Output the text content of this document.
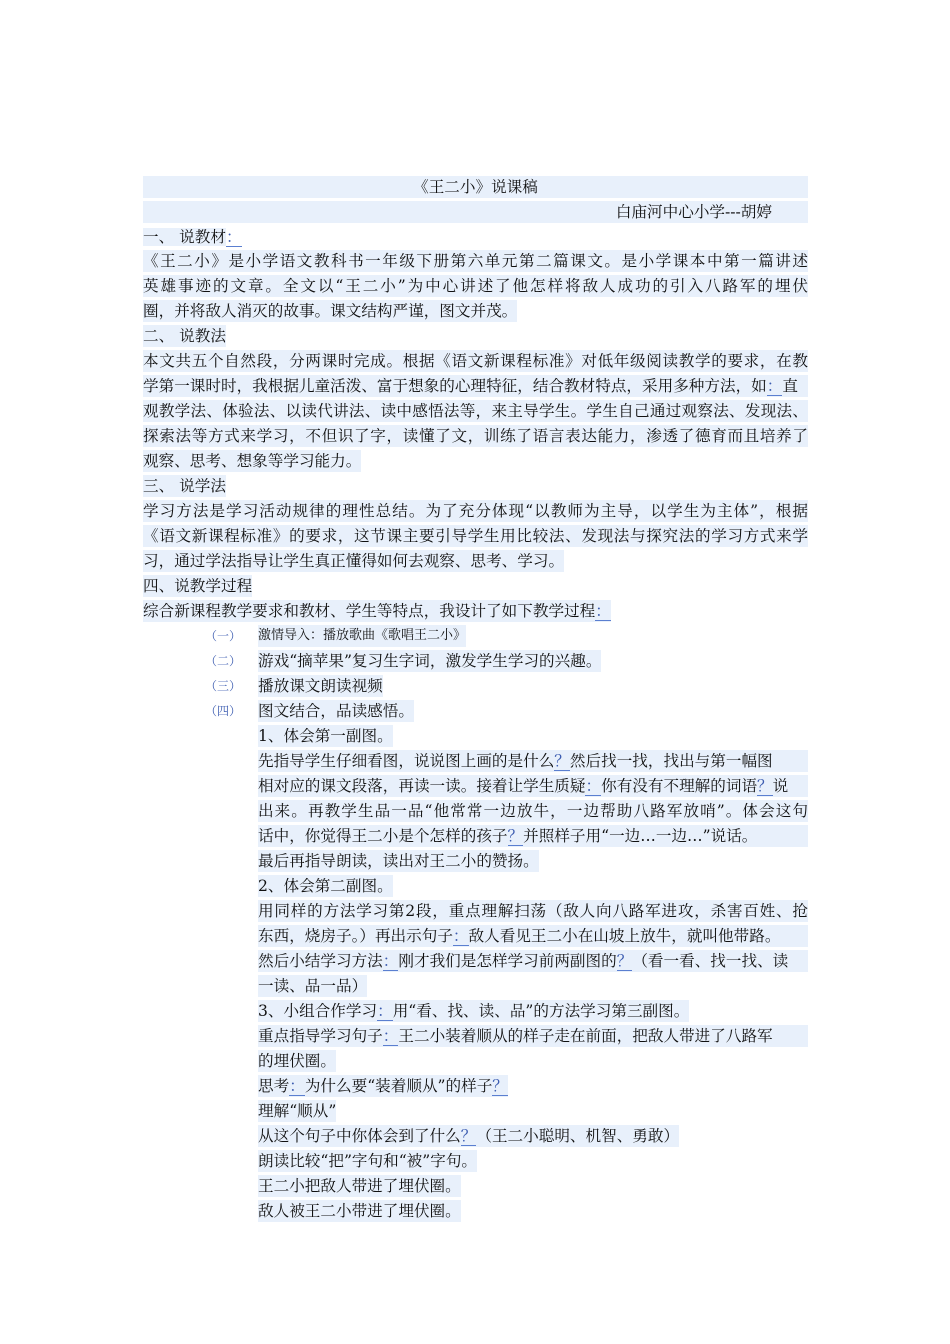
《王二小》说课稿
白庙河中心小学---胡婷
一、 说教材：
《王二小》是小学语文教科书一年级下册第六单元第二篇课文。是小学课本中第一篇讲述
英雄事迹的文章。全文以“王二小”为中心讲述了他怎样将敌人成功的引入八路军的埋伏
圈，并将敌人消灭的故事。课文结构严谨，图文并茂。
二、 说教法
本文共五个自然段，分两课时完成。根据《语文新课程标准》对低年级阅读教学的要求，在教
学第一课时时，我根据儿童活泼、富于想象的心理特征，结合教材特点，采用多种方法，如：直
观教学法、体验法、以读代讲法、读中感悟法等，来主导学生。学生自己通过观察法、发现法、
探索法等方式来学习，不但识了字，读懂了文，训练了语言表达能力，渗透了德育而且培养了
观察、思考、想象等学习能力。
三、 说学法
学习方法是学习活动规律的理性总结。为了充分体现“以教师为主导，以学生为主体”，根据
《语文新课程标准》的要求，这节课主要引导学生用比较法、发现法与探究法的学习方式来学
习，通过学法指导让学生真正懂得如何去观察、思考、学习。
四、说教学过程
综合新课程教学要求和教材、学生等特点，我设计了如下教学过程：
（一） 激情导入：播放歌曲《歌唱王二小》
（二） 游戏“摘苹果”复习生字词，激发学生学习的兴趣。
（三） 播放课文朗读视频
（四） 图文结合，品读感悟。
1、体会第一副图。
先指导学生仔细看图，说说图上画的是什么？然后找一找，找出与第一幅图
相对应的课文段落，再读一读。接着让学生质疑：你有没有不理解的词语？说
出来。再教学生品一品“他常常一边放牛，一边帮助八路军放哨”。体会这句
话中，你觉得王二小是个怎样的孩子？并照样子用“一边…一边…”说话。
最后再指导朗读，读出对王二小的赞扬。
2、体会第二副图。
用同样的方法学习第2段，重点理解扫荡（敌人向八路军进攻，杀害百姓、抢
东西，烧房子。）再出示句子：敌人看见王二小在山坡上放牛，就叫他带路。
然后小结学习方法：刚才我们是怎样学习前两副图的？（看一看、找一找、读
一读、品一品）
3、小组合作学习：用“看、找、读、品”的方法学习第三副图。
重点指导学习句子：王二小装着顺从的样子走在前面，把敌人带进了八路军
的埋伏圈。
思考：为什么要“装着顺从”的样子？
理解“顺从”
从这个句子中你体会到了什么？（王二小聪明、机智、勇敢）
朗读比较“把”字句和“被”字句。
王二小把敌人带进了埋伏圈。
敌人被王二小带进了埋伏圈。
